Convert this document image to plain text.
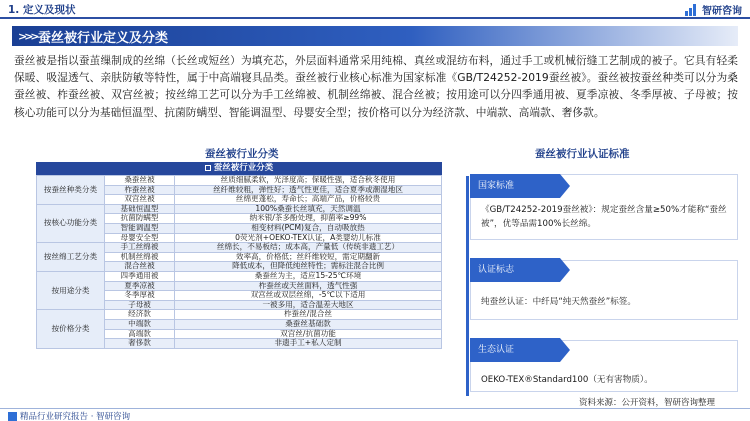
1. 定义及现状	智研咨询
>>> 蚕丝被行业定义及分类

蚕丝被是指以蚕茧缫制成的丝绵（长丝或短丝）为填充芯，外层面料通常采用纯棉、真丝或混纺布料，通过手工或机械衍缝工艺制成的被子。它具有轻柔保暖、吸湿透气、亲肤防敏等特性，属于中高端寝具品类。蚕丝被行业核心标准为国家标准《GB/T24252-2019蚕丝被》。蚕丝被按蚕丝种类可以分为桑蚕丝被、柞蚕丝被、双宫丝被；按丝绵工艺可以分为手工丝绵被、机制丝绵被、混合丝被；按用途可以分四季通用被、夏季凉被、冬季厚被、子母被；按核心功能可以分为基础恒温型、抗菌防螨型、智能调温型、母婴安全型；按价格可以分为经济款、中端款、高端款、奢侈款。

蚕丝被行业分类
蚕丝被行业分类
按蚕丝种类分类	桑蚕丝被	丝质细腻柔软，光泽度高；保暖性强，适合秋冬使用
	柞蚕丝被	丝纤维较粗，弹性好；透气性更佳，适合夏季或潮湿地区
	双宫丝被	丝绵更蓬松，寿命长；高端产品，价格较贵
按核心功能分类	基础恒温型	100%桑蚕长丝填充，天然调温
	抗菌防螨型	纳米银/茶多酚处理，抑菌率≥99%
	智能调温型	相变材料(PCM)复合，自动吸放热
	母婴安全型	0荧光剂+OEKO-TEX认证，A类婴幼儿标准
按丝绵工艺分类	手工丝绵被	丝绵长，不易板结；成本高，产量低（传统非遗工艺）
	机制丝绵被	效率高，价格低；丝纤维较短，需定期翻新
	混合丝被	降低成本，但降低纯丝特性；需标注混合比例
按用途分类	四季通用被	桑蚕丝为主，适应15-25℃环境
	夏季凉被	柞蚕丝或天丝面料，透气性强
	冬季厚被	双宫丝或双层丝绵，-5℃以下适用
	子母被	一被多用，适合温差大地区
按价格分类	经济款	柞蚕丝/混合丝
	中端款	桑蚕丝基础款
	高端款	双宫丝/抗菌功能
	奢侈款	非遗手工+私人定制
蚕丝被行业认证标准
《GB/T24252-2019蚕丝被》：规定蚕丝含量≥50%才能称“蚕丝被”，优等品需100%长丝绵。
国家标准
纯蚕丝认证：中纤局“纯天然蚕丝”标签。
认证标志
OEKO-TEX®Standard100（无有害物质）。
生态认证
资料来源：公开资料，智研咨询整理
精品行业研究报告 · 智研咨询
